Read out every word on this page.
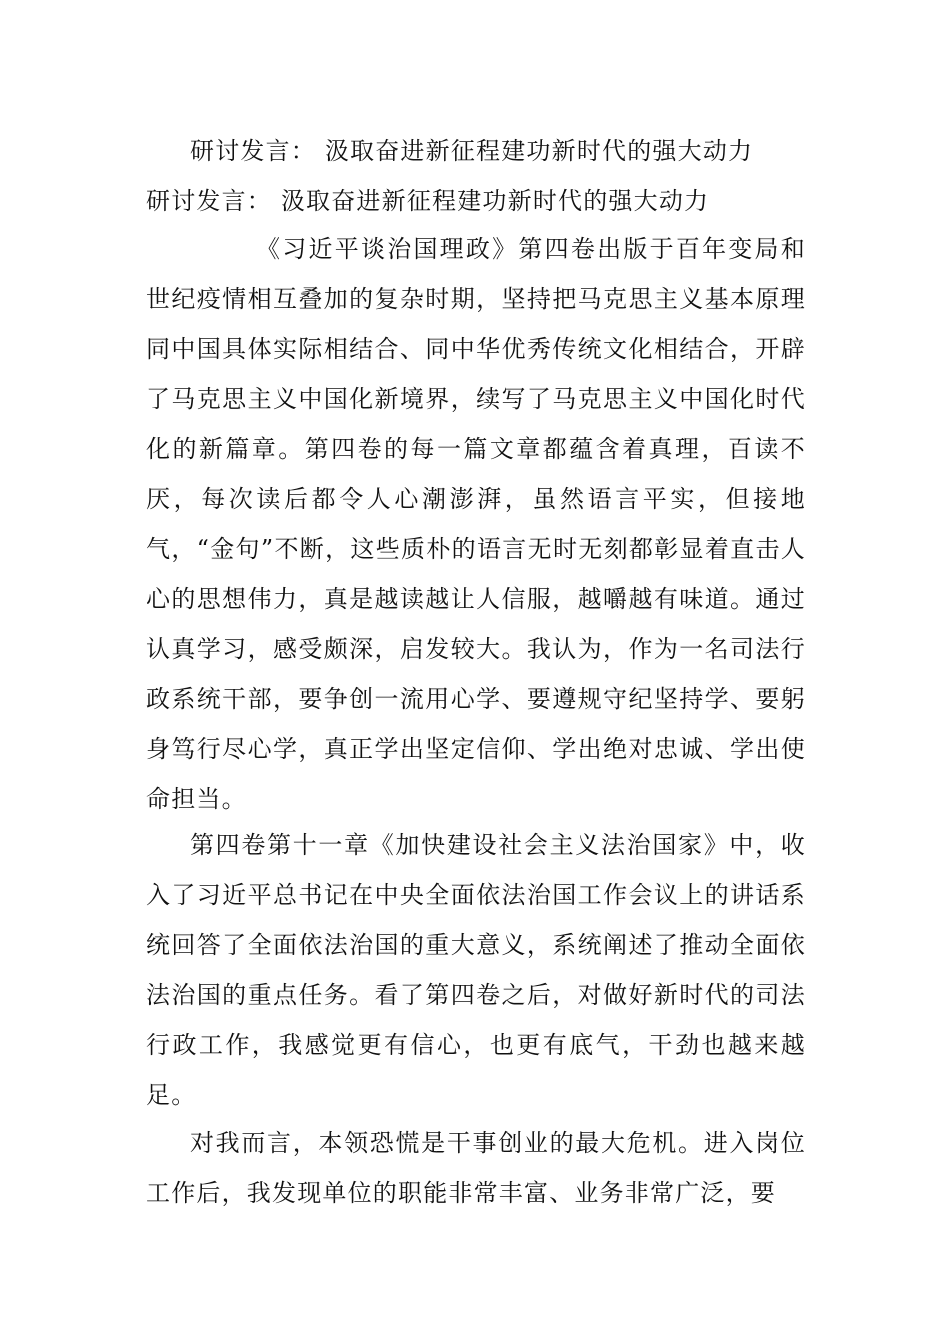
研讨发言： 汲取奋进新征程建功新时代的强大动力

研讨发言： 汲取奋进新征程建功新时代的强大动力

《习近平谈治国理政》第四卷出版于百年变局和世纪疫情相互叠加的复杂时期，坚持把马克思主义基本原理同中国具体实际相结合、同中华优秀传统文化相结合，开辟了马克思主义中国化新境界，续写了马克思主义中国化时代化的新篇章。第四卷的每一篇文章都蕴含着真理，百读不厌，每次读后都令人心潮澎湃，虽然语言平实，但接地气，“金句”不断，这些质朴的语言无时无刻都彰显着直击人心的思想伟力，真是越读越让人信服，越嚼越有味道。通过认真学习，感受颇深，启发较大。我认为，作为一名司法行政系统干部，要争创一流用心学、要遵规守纪坚持学、要躬身笃行尽心学，真正学出坚定信仰、学出绝对忠诚、学出使命担当。

第四卷第十一章《加快建设社会主义法治国家》中，收入了习近平总书记在中央全面依法治国工作会议上的讲话系统回答了全面依法治国的重大意义，系统阐述了推动全面依法治国的重点任务。看了第四卷之后，对做好新时代的司法行政工作，我感觉更有信心，也更有底气，干劲也越来越足。

对我而言，本领恐慌是干事创业的最大危机。进入岗位工作后，我发现单位的职能非常丰富、业务非常广泛，要
